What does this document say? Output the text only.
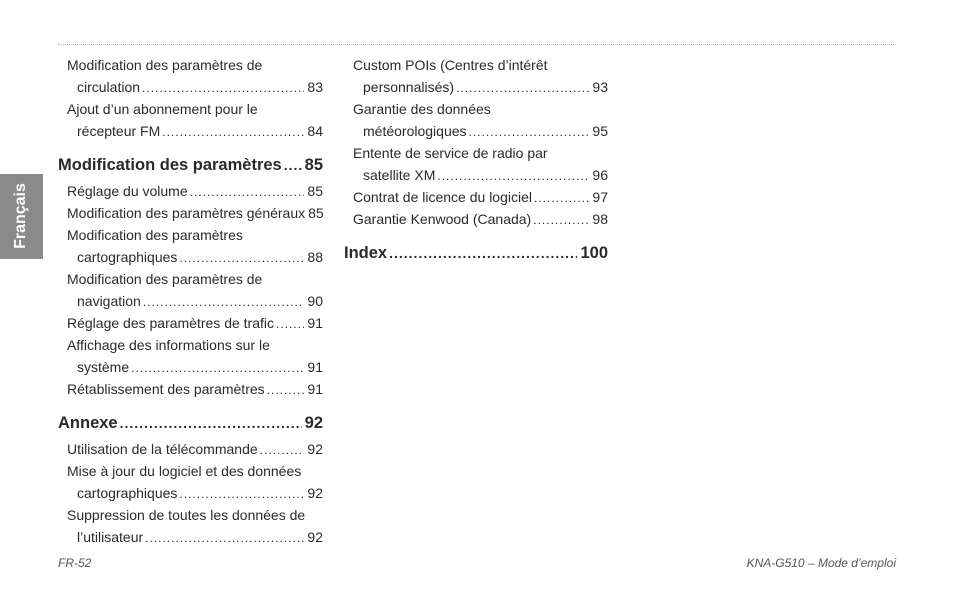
Français
Modification des paramètres de
circulation .....	83
Ajout d’un abonnement pour le
récepteur FM .....	84
Modification des paramètres ..... 85
Réglage du volume .....	85
Modification des paramètres généraux 85
Modification des paramètres
cartographiques .....	88
Modification des paramètres de
navigation .....	90
Réglage des paramètres de trafic ..... 91
Affichage des informations sur le
système .....	91
Rétablissement des paramètres .....	91
Annexe .....	92
Utilisation de la télécommande .....	92
Mise à jour du logiciel et des données
cartographiques .....	92
Suppression de toutes les données de
l’utilisateur .....	92
Custom POIs (Centres d’intérêt
personnalisés) .....	93
Garantie des données
météorologiques .....	95
Entente de service de radio par
satellite XM .....	96
Contrat de licence du logiciel .....	97
Garantie Kenwood (Canada) .....	98
Index .....	100
FR-52	KNA-G510 – Mode d’emploi
